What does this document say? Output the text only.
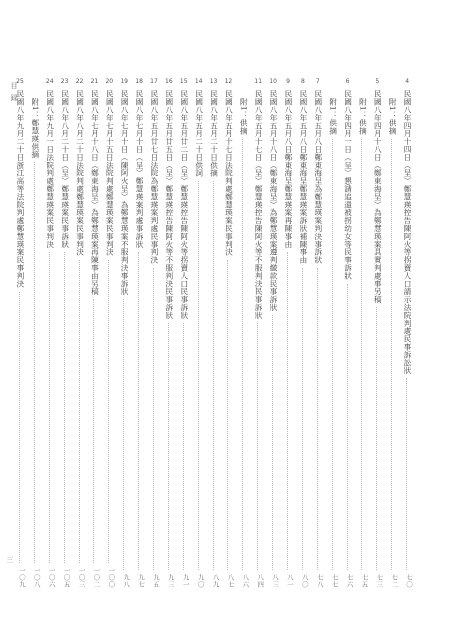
目録
4
民國八年四月十四日（呈）鄭慧瑛控告陳阿火等拐賣人口請示法院判處民事訴訟狀
七〇
附1：供摘
七二
5
民國八年四月十八日（鄭東海呈）為鄭慧瑛案具實判處事另稿
七三
附1：供摘
七五
6
民國八年四月一日（呈）懇請追還被拐幼女等民事訴狀
七六
附1：供摘
七七
7
民國八年五月八日鄭東海呈為鄭慧瑛案判決事訴狀
七八
8
民國八年五月八日鄭東海呈鄭慧瑛案訴狀補陳事由
八〇
9
民國八年五月八日鄭東海呈鄭慧瑛案再陳事由
八一
10
民國八年五月十八日（鄭東海呈）為鄭慧瑛案遵判繳款民事訴狀
八三
11
民國八年五月十七日（呈）鄭慧瑛控告陳阿火等不服判決民事訴狀
八四
附1：供摘
八六
12
民國八年五月十七日法院判處鄭慧瑛案民事判決
八七
13
民國八年五月二十日供摘
八九
14
民國八年五月二十日供詞
九〇
15
民國八年五月廿二日（呈）鄭慧瑛控告陳阿火等拐賣人口民事訴狀
九一
16
民國八年五月廿五日（呈）鄭慧瑛控告陳阿火等不服判決民事訴狀
九三
17
民國八年五月廿七日法院為鄭慧瑛案判處民事判決
九五
18
民國八年七月十日（呈）鄭慧瑛案判處事訴狀
九七
19
民國八年七月十日（陳阿火呈）為鄭慧瑛案不服判決事訴狀
九八
20
民國八年七月十五日法院判處鄭慧瑛案民事判決
一〇〇
21
民國八年七月十八日（鄭東海呈）為鄭慧瑛案再陳事由另稿
一〇二
22
民國八年八月二十日法院判處鄭慧瑛案民事判決
一〇三
23
民國八年八月二十日（呈）鄭慧瑛案民事訴狀
一〇五
24
民國八年九月一日法院判處鄭慧瑛案民事判決
一〇六
附1：鄭慧瑛供摘
一〇八
25
民國八年九月二十日浙江高等法院判處鄭慧瑛案民事判決
一〇九
三
